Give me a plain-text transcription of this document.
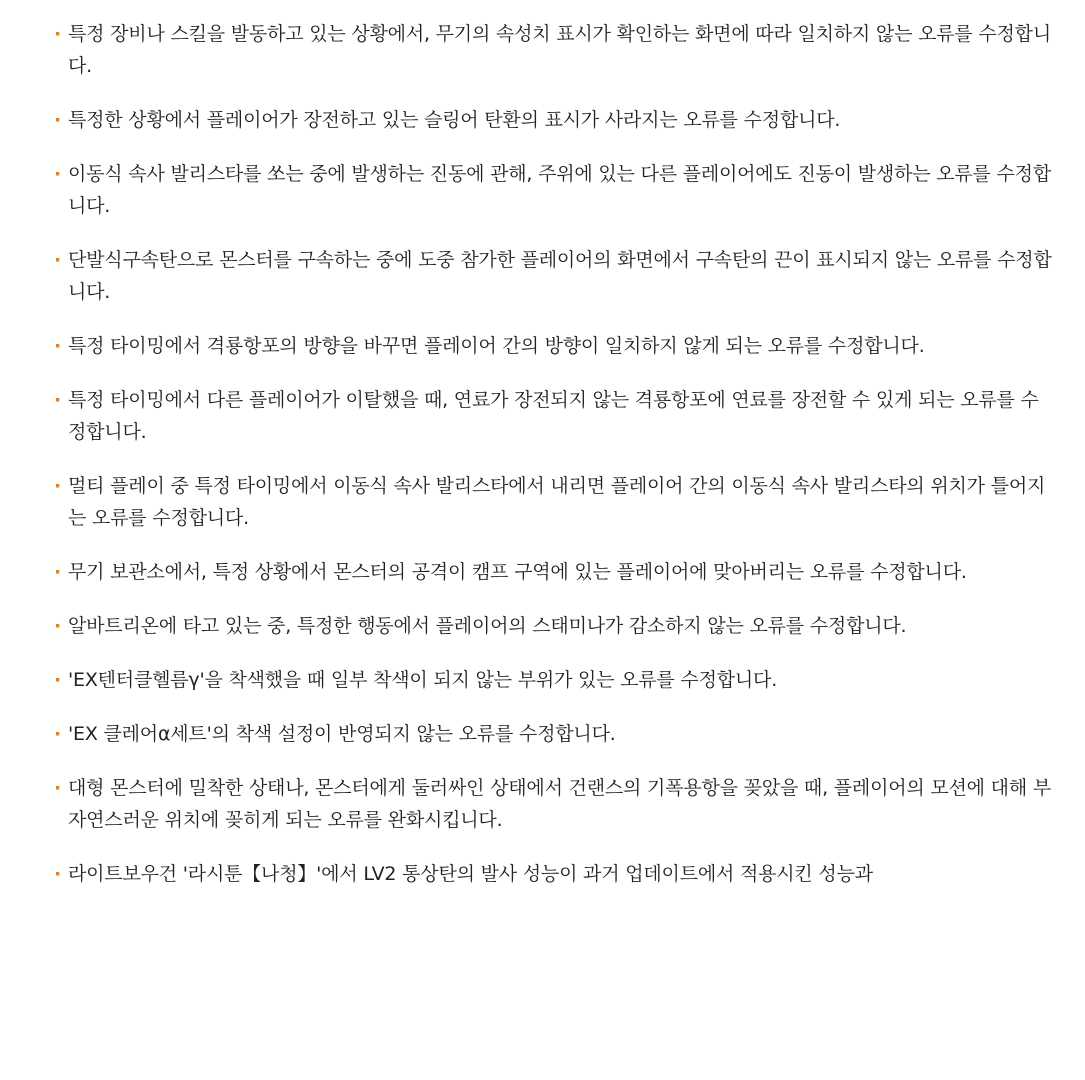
· 특정 장비나 스킬을 발동하고 있는 상황에서, 무기의 속성치 표시가 확인하는 화면에 따라 일치하지 않는 오류를 수정합니다.
· 특정한 상황에서 플레이어가 장전하고 있는 슬링어 탄환의 표시가 사라지는 오류를 수정합니다.
· 이동식 속사 발리스타를 쏘는 중에 발생하는 진동에 관해, 주위에 있는 다른 플레이어에도 진동이 발생하는 오류를 수정합니다.
· 단발식구속탄으로 몬스터를 구속하는 중에 도중 참가한 플레이어의 화면에서 구속탄의 끈이 표시되지 않는 오류를 수정합니다.
· 특정 타이밍에서 격룡항포의 방향을 바꾸면 플레이어 간의 방향이 일치하지 않게 되는 오류를 수정합니다.
· 특정 타이밍에서 다른 플레이어가 이탈했을 때, 연료가 장전되지 않는 격룡항포에 연료를 장전할 수 있게 되는 오류를 수정합니다.
· 멀티 플레이 중 특정 타이밍에서 이동식 속사 발리스타에서 내리면 플레이어 간의 이동식 속사 발리스타의 위치가 틀어지는 오류를 수정합니다.
· 무기 보관소에서, 특정 상황에서 몬스터의 공격이 캠프 구역에 있는 플레이어에 맞아버리는 오류를 수정합니다.
· 알바트리온에 타고 있는 중, 특정한 행동에서 플레이어의 스태미나가 감소하지 않는 오류를 수정합니다.
· 'EX텐터클헬름γ'을 착색했을 때 일부 착색이 되지 않는 부위가 있는 오류를 수정합니다.
· 'EX 클레어α세트'의 착색 설정이 반영되지 않는 오류를 수정합니다.
· 대형 몬스터에 밀착한 상태나, 몬스터에게 둘러싸인 상태에서 건랜스의 기폭용항을 꽂았을 때, 플레이어의 모션에 대해 부자연스러운 위치에 꽂히게 되는 오류를 완화시킵니다.
· 라이트보우건 '라시툰【나청】'에서 LV2 통상탄의 발사 성능이 과거 업데이트에서 적용시킨 성능과
